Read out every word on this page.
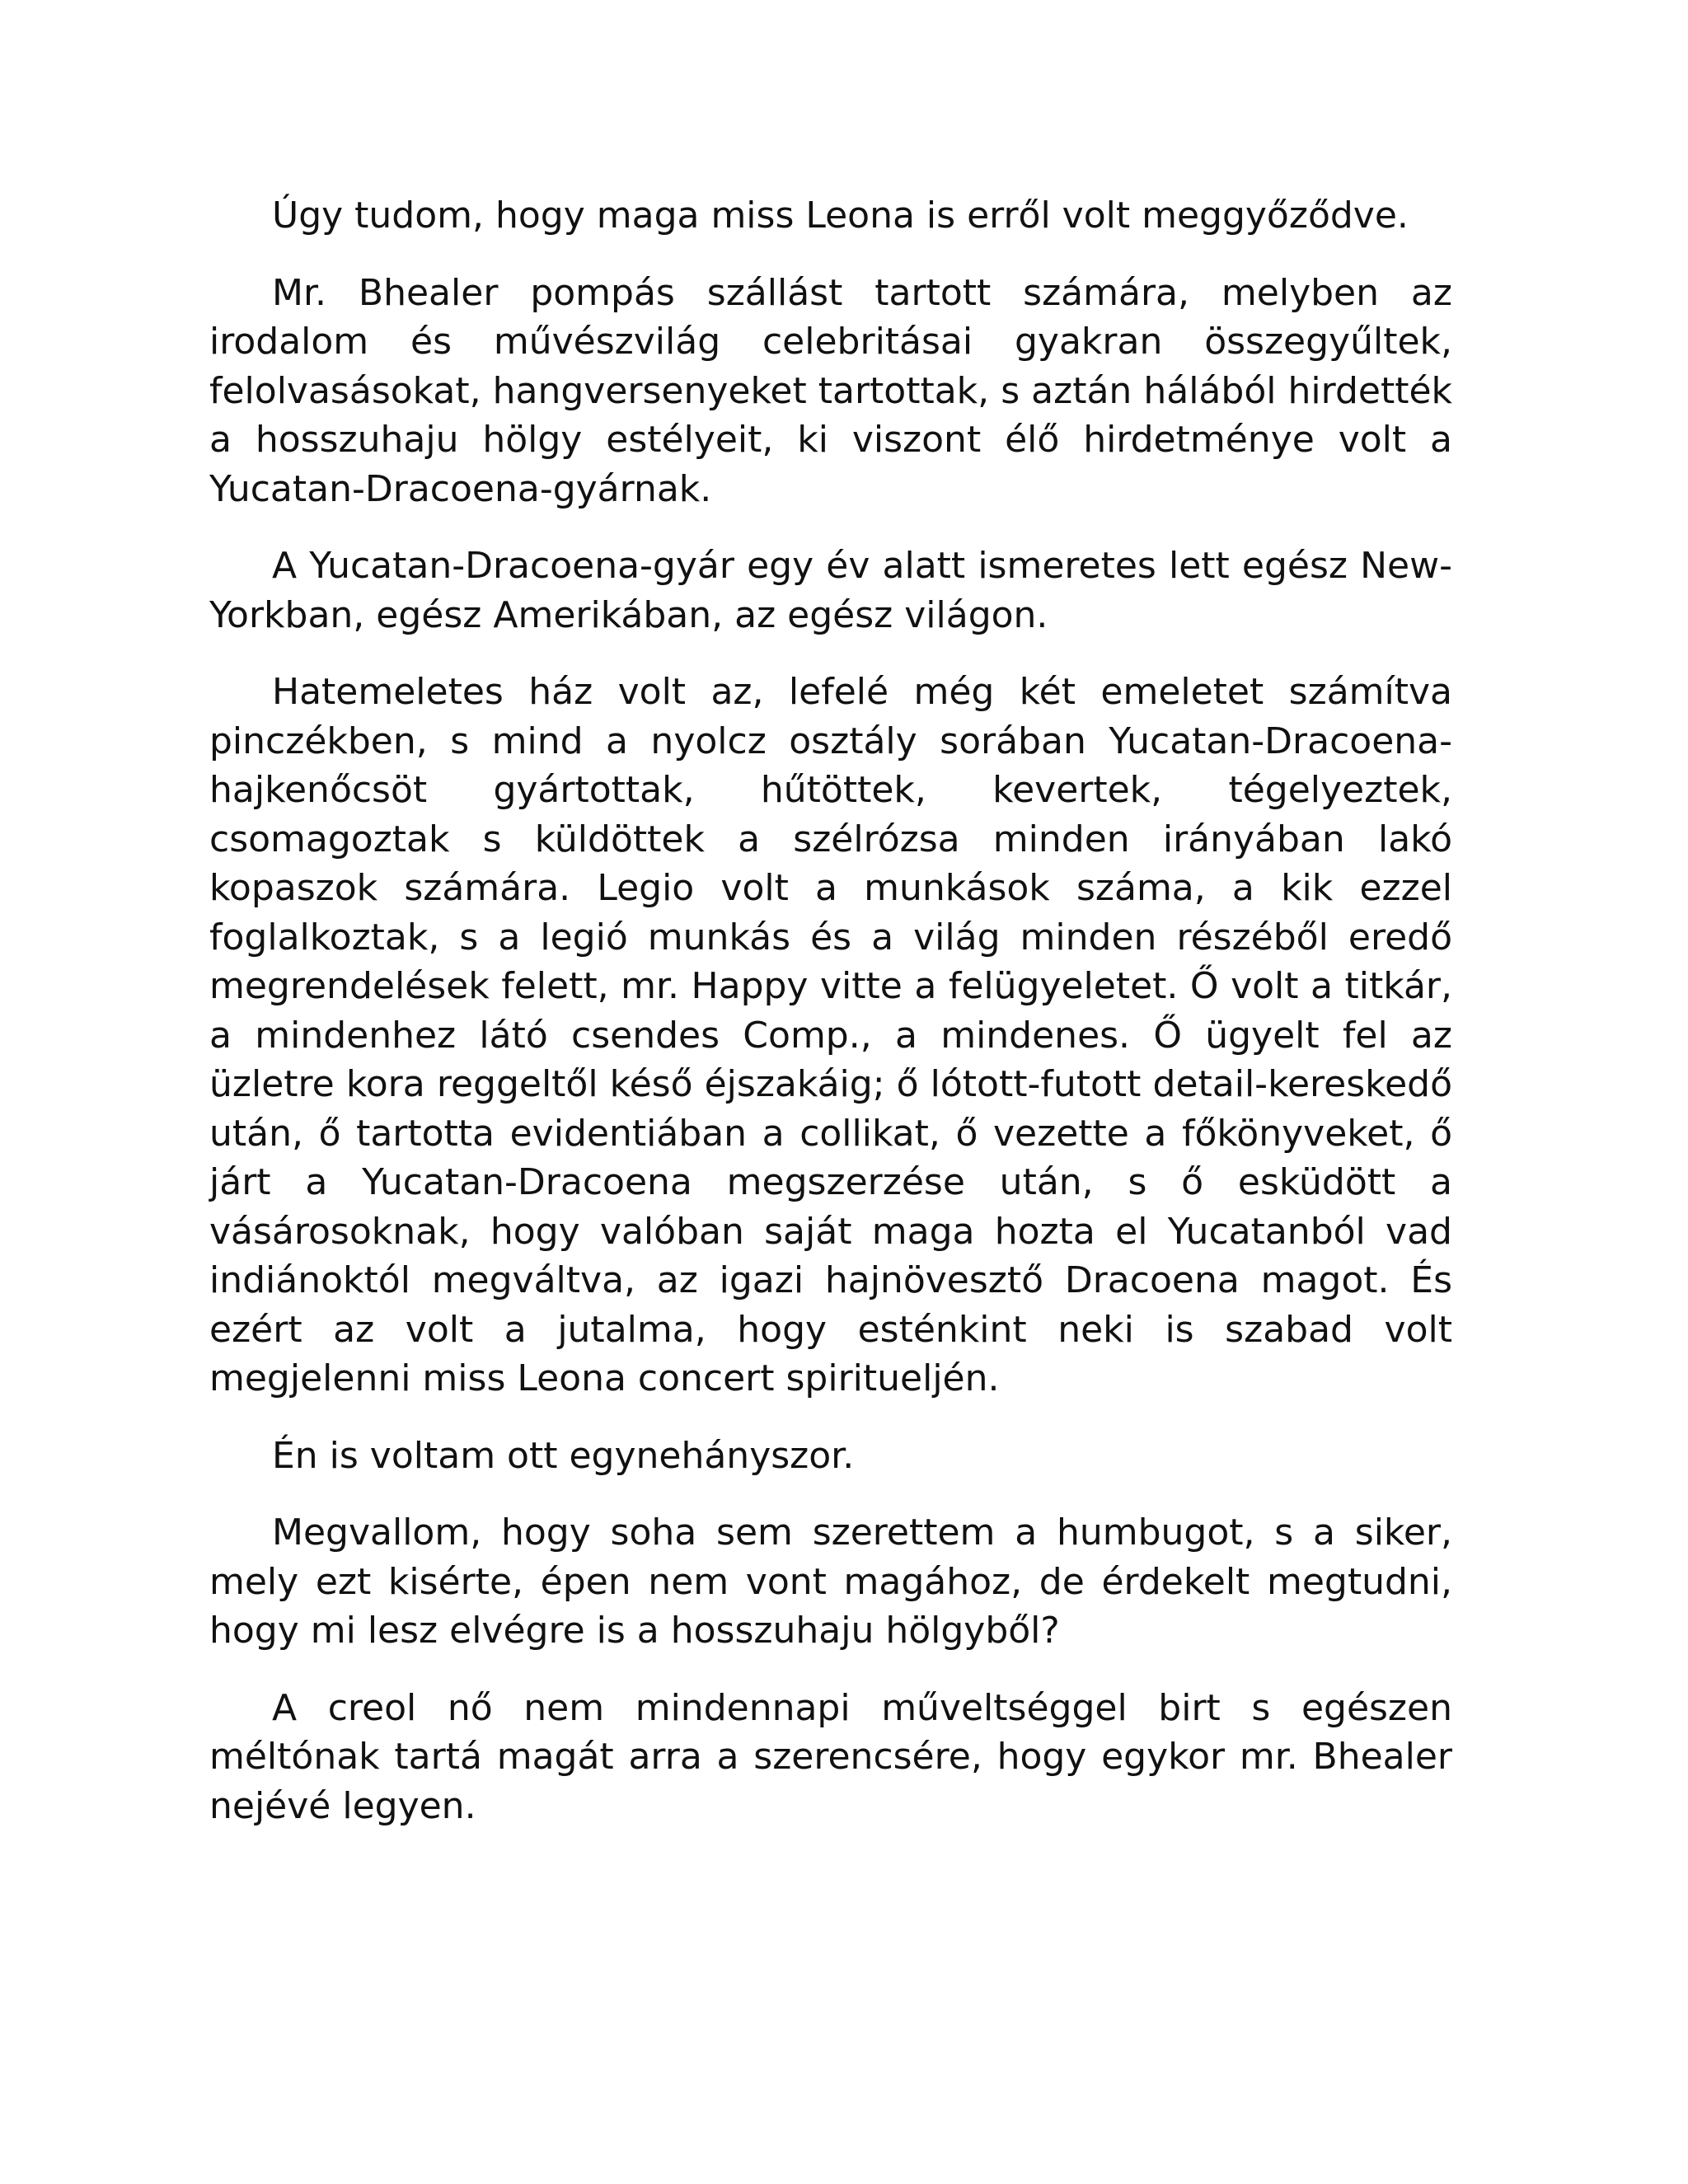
Úgy tudom, hogy maga miss Leona is erről volt meggyőződve.

Mr. Bhealer pompás szállást tartott számára, melyben az irodalom és művészvilág celebritásai gyakran összegyűltek, felolvasásokat, hangversenyeket tartottak, s aztán hálából hirdették a hosszuhaju hölgy estélyeit, ki viszont élő hirdetménye volt a Yucatan-Dracoena-gyárnak.

A Yucatan-Dracoena-gyár egy év alatt ismeretes lett egész New-Yorkban, egész Amerikában, az egész világon.

Hatemeletes ház volt az, lefelé még két emeletet számítva pinczékben, s mind a nyolcz osztály sorában Yucatan-Dracoena-hajkenőcsöt gyártottak, hűtöttek, kevertek, tégelyeztek, csomagoztak s küldöttek a szélrózsa minden irányában lakó kopaszok számára. Legio volt a munkások száma, a kik ezzel foglalkoztak, s a legió munkás és a világ minden részéből eredő megrendelések felett, mr. Happy vitte a felügyeletet. Ő volt a titkár, a mindenhez látó csendes Comp., a mindenes. Ő ügyelt fel az üzletre kora reggeltől késő éjszakáig; ő lótott-futott detail-kereskedő után, ő tartotta evidentiában a collikat, ő vezette a főkönyveket, ő járt a Yucatan-Dracoena megszerzése után, s ő esküdött a vásárosoknak, hogy valóban saját maga hozta el Yucatanból vad indiánoktól megváltva, az igazi hajnövesztő Dracoena magot. És ezért az volt a jutalma, hogy esténkint neki is szabad volt megjelenni miss Leona concert spiritueljén.

Én is voltam ott egynehányszor.

Megvallom, hogy soha sem szerettem a humbugot, s a siker, mely ezt kisérte, épen nem vont magához, de érdekelt megtudni, hogy mi lesz elvégre is a hosszuhaju hölgyből?

A creol nő nem mindennapi műveltséggel birt s egészen méltónak tartá magát arra a szerencsére, hogy egykor mr. Bhealer nejévé legyen.
